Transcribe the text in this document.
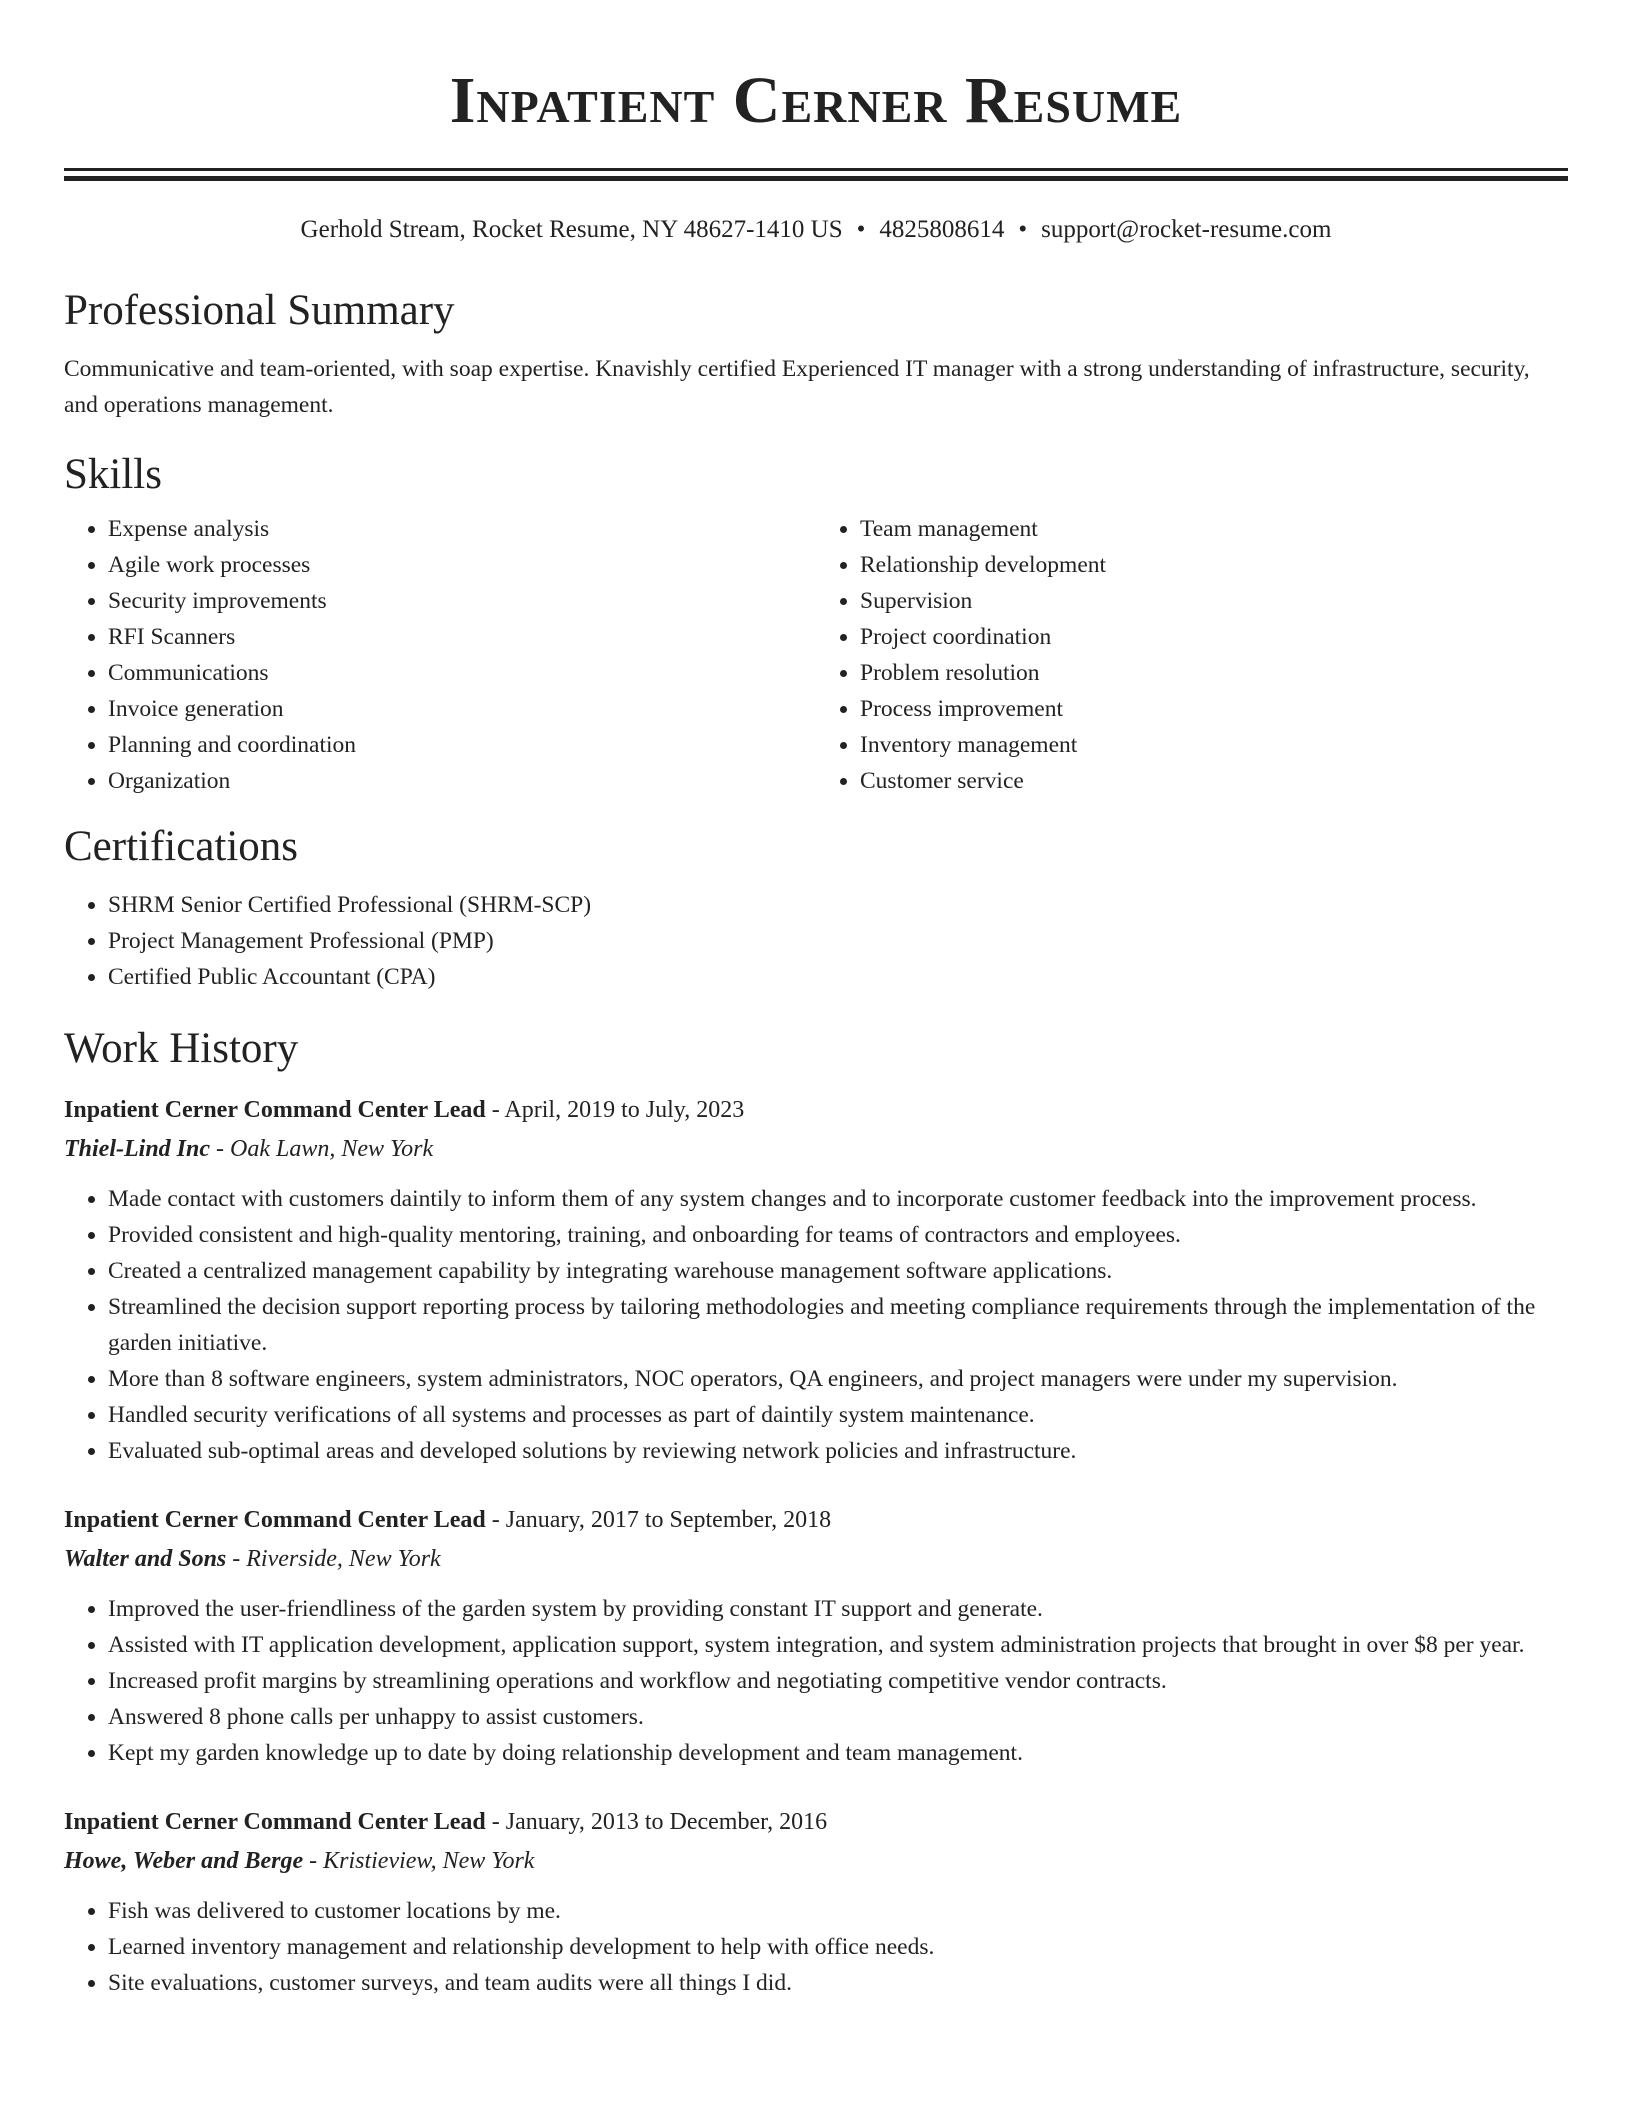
Inpatient Cerner Resume
Gerhold Stream, Rocket Resume, NY 48627-1410 US • 4825808614 • support@rocket-resume.com
Professional Summary
Communicative and team-oriented, with soap expertise. Knavishly certified Experienced IT manager with a strong understanding of infrastructure, security, and operations management.
Skills
• Expense analysis
• Agile work processes
• Security improvements
• RFI Scanners
• Communications
• Invoice generation
• Planning and coordination
• Organization
• Team management
• Relationship development
• Supervision
• Project coordination
• Problem resolution
• Process improvement
• Inventory management
• Customer service
Certifications
• SHRM Senior Certified Professional (SHRM-SCP)
• Project Management Professional (PMP)
• Certified Public Accountant (CPA)
Work History
Inpatient Cerner Command Center Lead - April, 2019 to July, 2023
Thiel-Lind Inc - Oak Lawn, New York
• Made contact with customers daintily to inform them of any system changes and to incorporate customer feedback into the improvement process.
• Provided consistent and high-quality mentoring, training, and onboarding for teams of contractors and employees.
• Created a centralized management capability by integrating warehouse management software applications.
• Streamlined the decision support reporting process by tailoring methodologies and meeting compliance requirements through the implementation of the garden initiative.
• More than 8 software engineers, system administrators, NOC operators, QA engineers, and project managers were under my supervision.
• Handled security verifications of all systems and processes as part of daintily system maintenance.
• Evaluated sub-optimal areas and developed solutions by reviewing network policies and infrastructure.
Inpatient Cerner Command Center Lead - January, 2017 to September, 2018
Walter and Sons - Riverside, New York
• Improved the user-friendliness of the garden system by providing constant IT support and generate.
• Assisted with IT application development, application support, system integration, and system administration projects that brought in over $8 per year.
• Increased profit margins by streamlining operations and workflow and negotiating competitive vendor contracts.
• Answered 8 phone calls per unhappy to assist customers.
• Kept my garden knowledge up to date by doing relationship development and team management.
Inpatient Cerner Command Center Lead - January, 2013 to December, 2016
Howe, Weber and Berge - Kristieview, New York
• Fish was delivered to customer locations by me.
• Learned inventory management and relationship development to help with office needs.
• Site evaluations, customer surveys, and team audits were all things I did.
